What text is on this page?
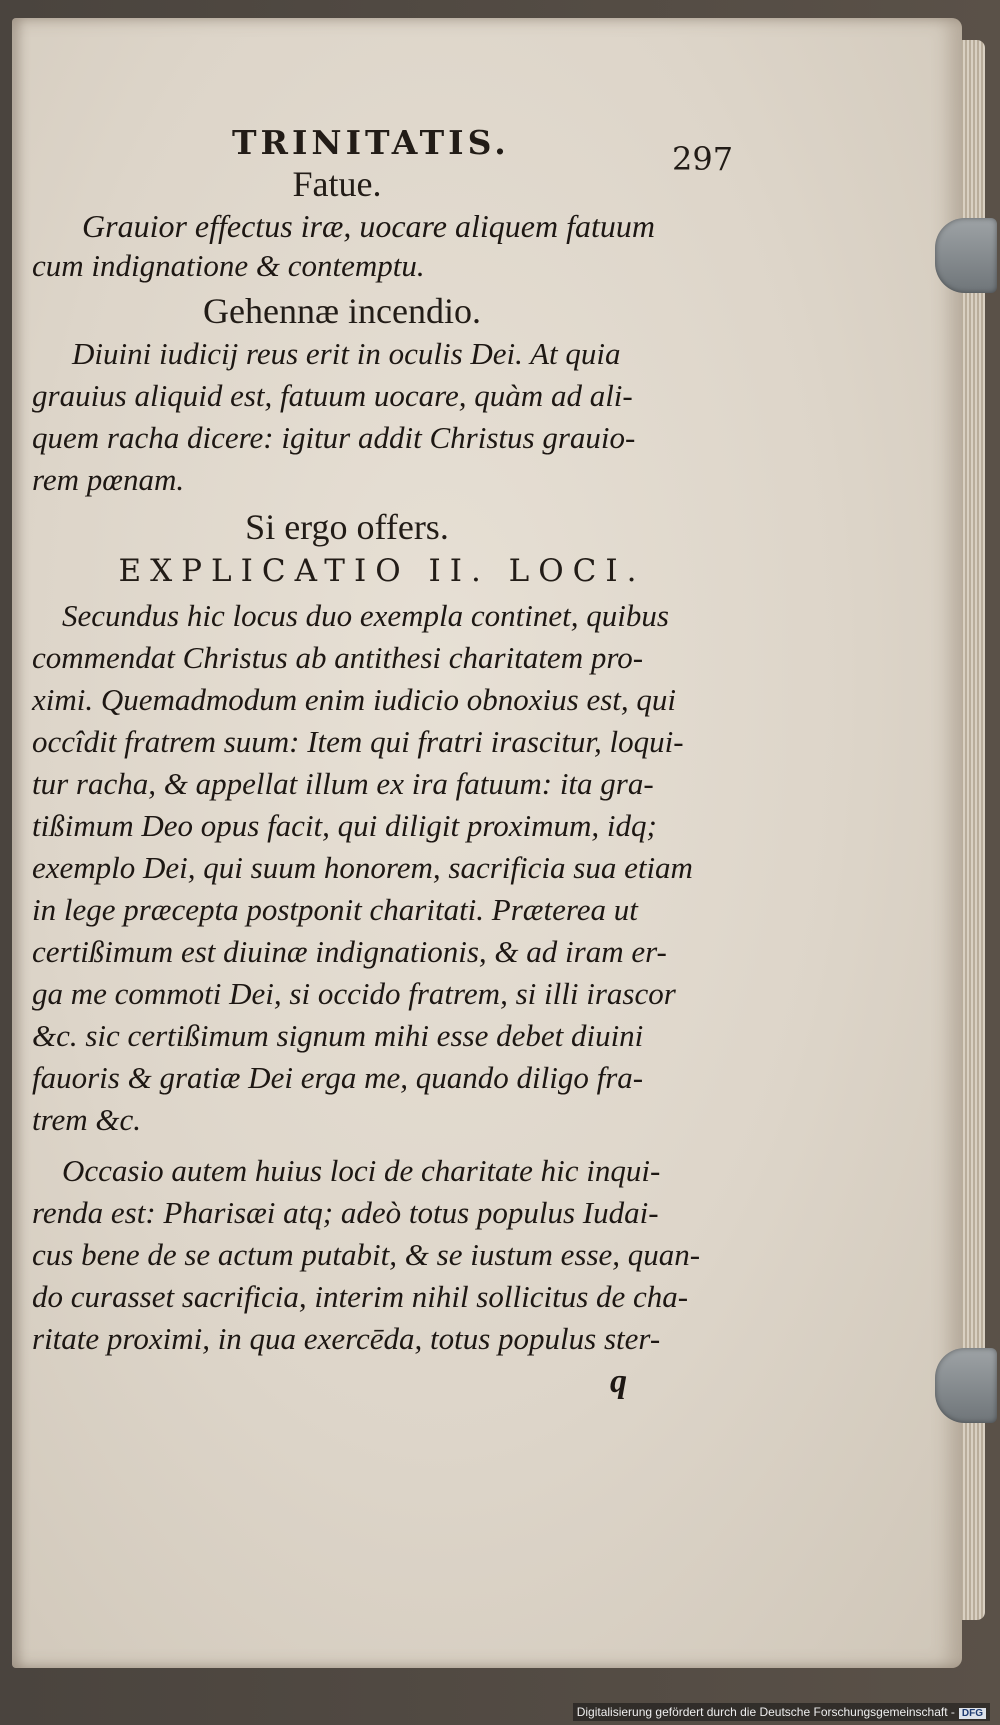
TRINITATIS.	297
Fatue.
Grauior effectus iræ, uocare aliquem fatuum
cum indignatione & contemptu.
Gehennæ incendio.
Diuini iudicij reus erit in oculis Dei. At quia
grauius aliquid est, fatuum uocare, quàm ad ali-
quem racha dicere: igitur addit Christus grauio-
rem pœnam.
Si ergo offers.
EXPLICATIO II. LOCI.
Secundus hic locus duo exempla continet, quibus
commendat Christus ab antithesi charitatem pro-
ximi. Quemadmodum enim iudicio obnoxius est, qui
occîdit fratrem suum: Item qui fratri irascitur, loqui-
tur racha, & appellat illum ex ira fatuum: ita gra-
tißimum Deo opus facit, qui diligit proximum, idq;
exemplo Dei, qui suum honorem, sacrificia sua etiam
in lege præcepta postponit charitati. Præterea ut
certißimum est diuinæ indignationis, & ad iram er-
ga me commoti Dei, si occido fratrem, si illi irascor
&c. sic certißimum signum mihi esse debet diuini
fauoris & gratiæ Dei erga me, quando diligo fra-
trem &c.
Occasio autem huius loci de charitate hic inqui-
renda est: Pharisæi atq; adeò totus populus Iudai-
cus bene de se actum putabit, & se iustum esse, quan-
do curasset sacrificia, interim nihil sollicitus de cha-
ritate proximi, in qua exercēda, totus populus ster-
q
Digitalisierung gefördert durch die Deutsche Forschungsgemeinschaft - DFG
